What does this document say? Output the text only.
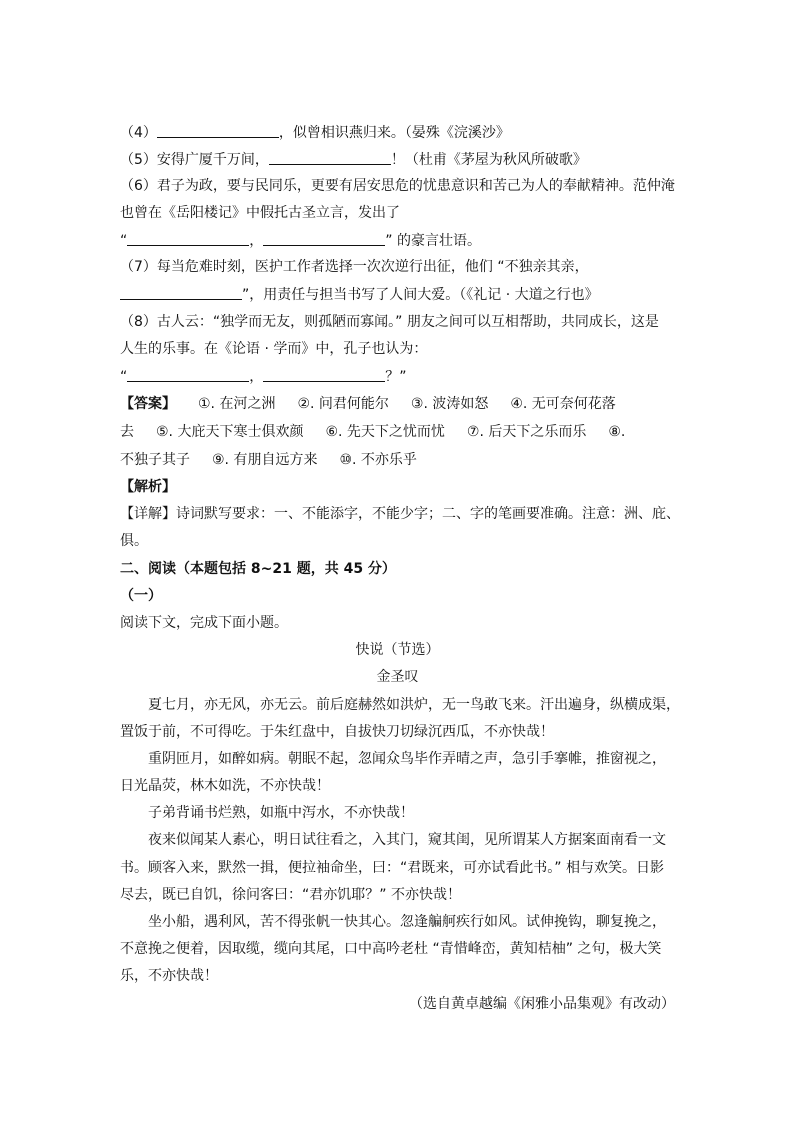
（4）	，似曾相识燕归来。（晏殊《浣溪沙》
（5）安得广厦千万间，	！（杜甫《茅屋为秋风所破歌》
（6）君子为政，要与民同乐，更要有居安思危的忧患意识和苦己为人的奉献精神。范仲淹
也曾在《岳阳楼记》中假托古圣立言，发出了
“	，	” 的豪言壮语。
（7）每当危难时刻，医护工作者选择一次次逆行出征，他们 “不独亲其亲，
”，用责任与担当书写了人间大爱。（《礼记 · 大道之行也》
（8）古人云：“独学而无友，则孤陋而寡闻。” 朋友之间可以互相帮助，共同成长，这是
人生的乐事。在《论语 · 学而》中，孔子也认为：
“	，	？”
【答案】 ①. 在河之洲 ②. 问君何能尔 ③. 波涛如怒 ④. 无可奈何花落
去 ⑤. 大庇天下寒士俱欢颜 ⑥. 先天下之忧而忧 ⑦. 后天下之乐而乐 ⑧.
不独子其子 ⑨. 有朋自远方来 ⑩. 不亦乐乎
【解析】
【详解】诗词默写要求：一、不能添字，不能少字；二、字的笔画要准确。注意：洲、庇、
俱。
二、阅读（本题包括 8~21 题，共 45 分）
（一）
阅读下文，完成下面小题。
快说（节选）
金圣叹
夏七月，亦无风，亦无云。前后庭赫然如洪炉，无一鸟敢飞来。汗出遍身，纵横成渠，
置饭于前，不可得吃。于朱红盘中，自拔快刀切绿沉西瓜，不亦快哉！
重阴匝月，如醉如病。朝眠不起，忽闻众鸟毕作弄晴之声，急引手搴帷，推窗视之，
日光晶荧，林木如洗，不亦快哉！
子弟背诵书烂熟，如瓶中泻水，不亦快哉！
夜来似闻某人素心，明日试往看之，入其门，窥其闺，见所谓某人方据案面南看一文
书。顾客入来，默然一揖，便拉袖命坐，曰：“君既来，可亦试看此书。” 相与欢笑。日影
尽去，既已自饥，徐问客曰：“君亦饥耶？” 不亦快哉！
坐小船，遇利风，苦不得张帆一快其心。忽逢艑舸疾行如风。试伸挽钩，聊复挽之，
不意挽之便着，因取缆，缆向其尾，口中高吟老杜 “青惜峰峦，黄知桔柚” 之句，极大笑
乐，不亦快哉！
（选自黄卓越编《闲雅小品集观》有改动）
